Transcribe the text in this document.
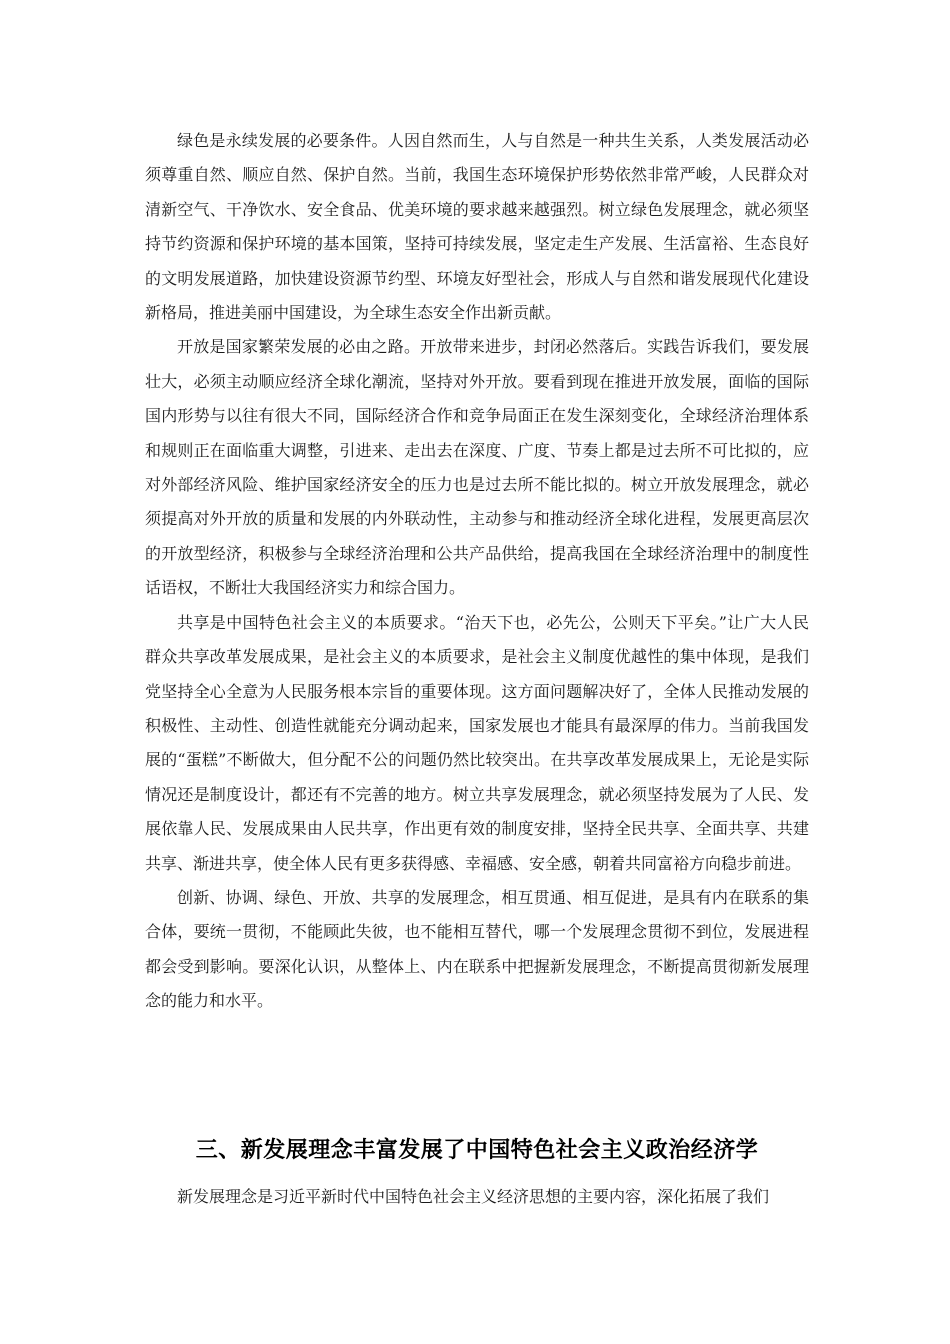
绿色是永续发展的必要条件。人因自然而生，人与自然是一种共生关系，人类发展活动必须尊重自然、顺应自然、保护自然。当前，我国生态环境保护形势依然非常严峻，人民群众对清新空气、干净饮水、安全食品、优美环境的要求越来越强烈。树立绿色发展理念，就必须坚持节约资源和保护环境的基本国策，坚持可持续发展，坚定走生产发展、生活富裕、生态良好的文明发展道路，加快建设资源节约型、环境友好型社会，形成人与自然和谐发展现代化建设新格局，推进美丽中国建设，为全球生态安全作出新贡献。

开放是国家繁荣发展的必由之路。开放带来进步，封闭必然落后。实践告诉我们，要发展壮大，必须主动顺应经济全球化潮流，坚持对外开放。要看到现在推进开放发展，面临的国际国内形势与以往有很大不同，国际经济合作和竞争局面正在发生深刻变化，全球经济治理体系和规则正在面临重大调整，引进来、走出去在深度、广度、节奏上都是过去所不可比拟的，应对外部经济风险、维护国家经济安全的压力也是过去所不能比拟的。树立开放发展理念，就必须提高对外开放的质量和发展的内外联动性，主动参与和推动经济全球化进程，发展更高层次的开放型经济，积极参与全球经济治理和公共产品供给，提高我国在全球经济治理中的制度性话语权，不断壮大我国经济实力和综合国力。

共享是中国特色社会主义的本质要求。“治天下也，必先公，公则天下平矣。”让广大人民群众共享改革发展成果，是社会主义的本质要求，是社会主义制度优越性的集中体现，是我们党坚持全心全意为人民服务根本宗旨的重要体现。这方面问题解决好了，全体人民推动发展的积极性、主动性、创造性就能充分调动起来，国家发展也才能具有最深厚的伟力。当前我国发展的“蛋糕”不断做大，但分配不公的问题仍然比较突出。在共享改革发展成果上，无论是实际情况还是制度设计，都还有不完善的地方。树立共享发展理念，就必须坚持发展为了人民、发展依靠人民、发展成果由人民共享，作出更有效的制度安排，坚持全民共享、全面共享、共建共享、渐进共享，使全体人民有更多获得感、幸福感、安全感，朝着共同富裕方向稳步前进。

创新、协调、绿色、开放、共享的发展理念，相互贯通、相互促进，是具有内在联系的集合体，要统一贯彻，不能顾此失彼，也不能相互替代，哪一个发展理念贯彻不到位，发展进程都会受到影响。要深化认识，从整体上、内在联系中把握新发展理念，不断提高贯彻新发展理念的能力和水平。

三、新发展理念丰富发展了中国特色社会主义政治经济学

新发展理念是习近平新时代中国特色社会主义经济思想的主要内容，深化拓展了我们
